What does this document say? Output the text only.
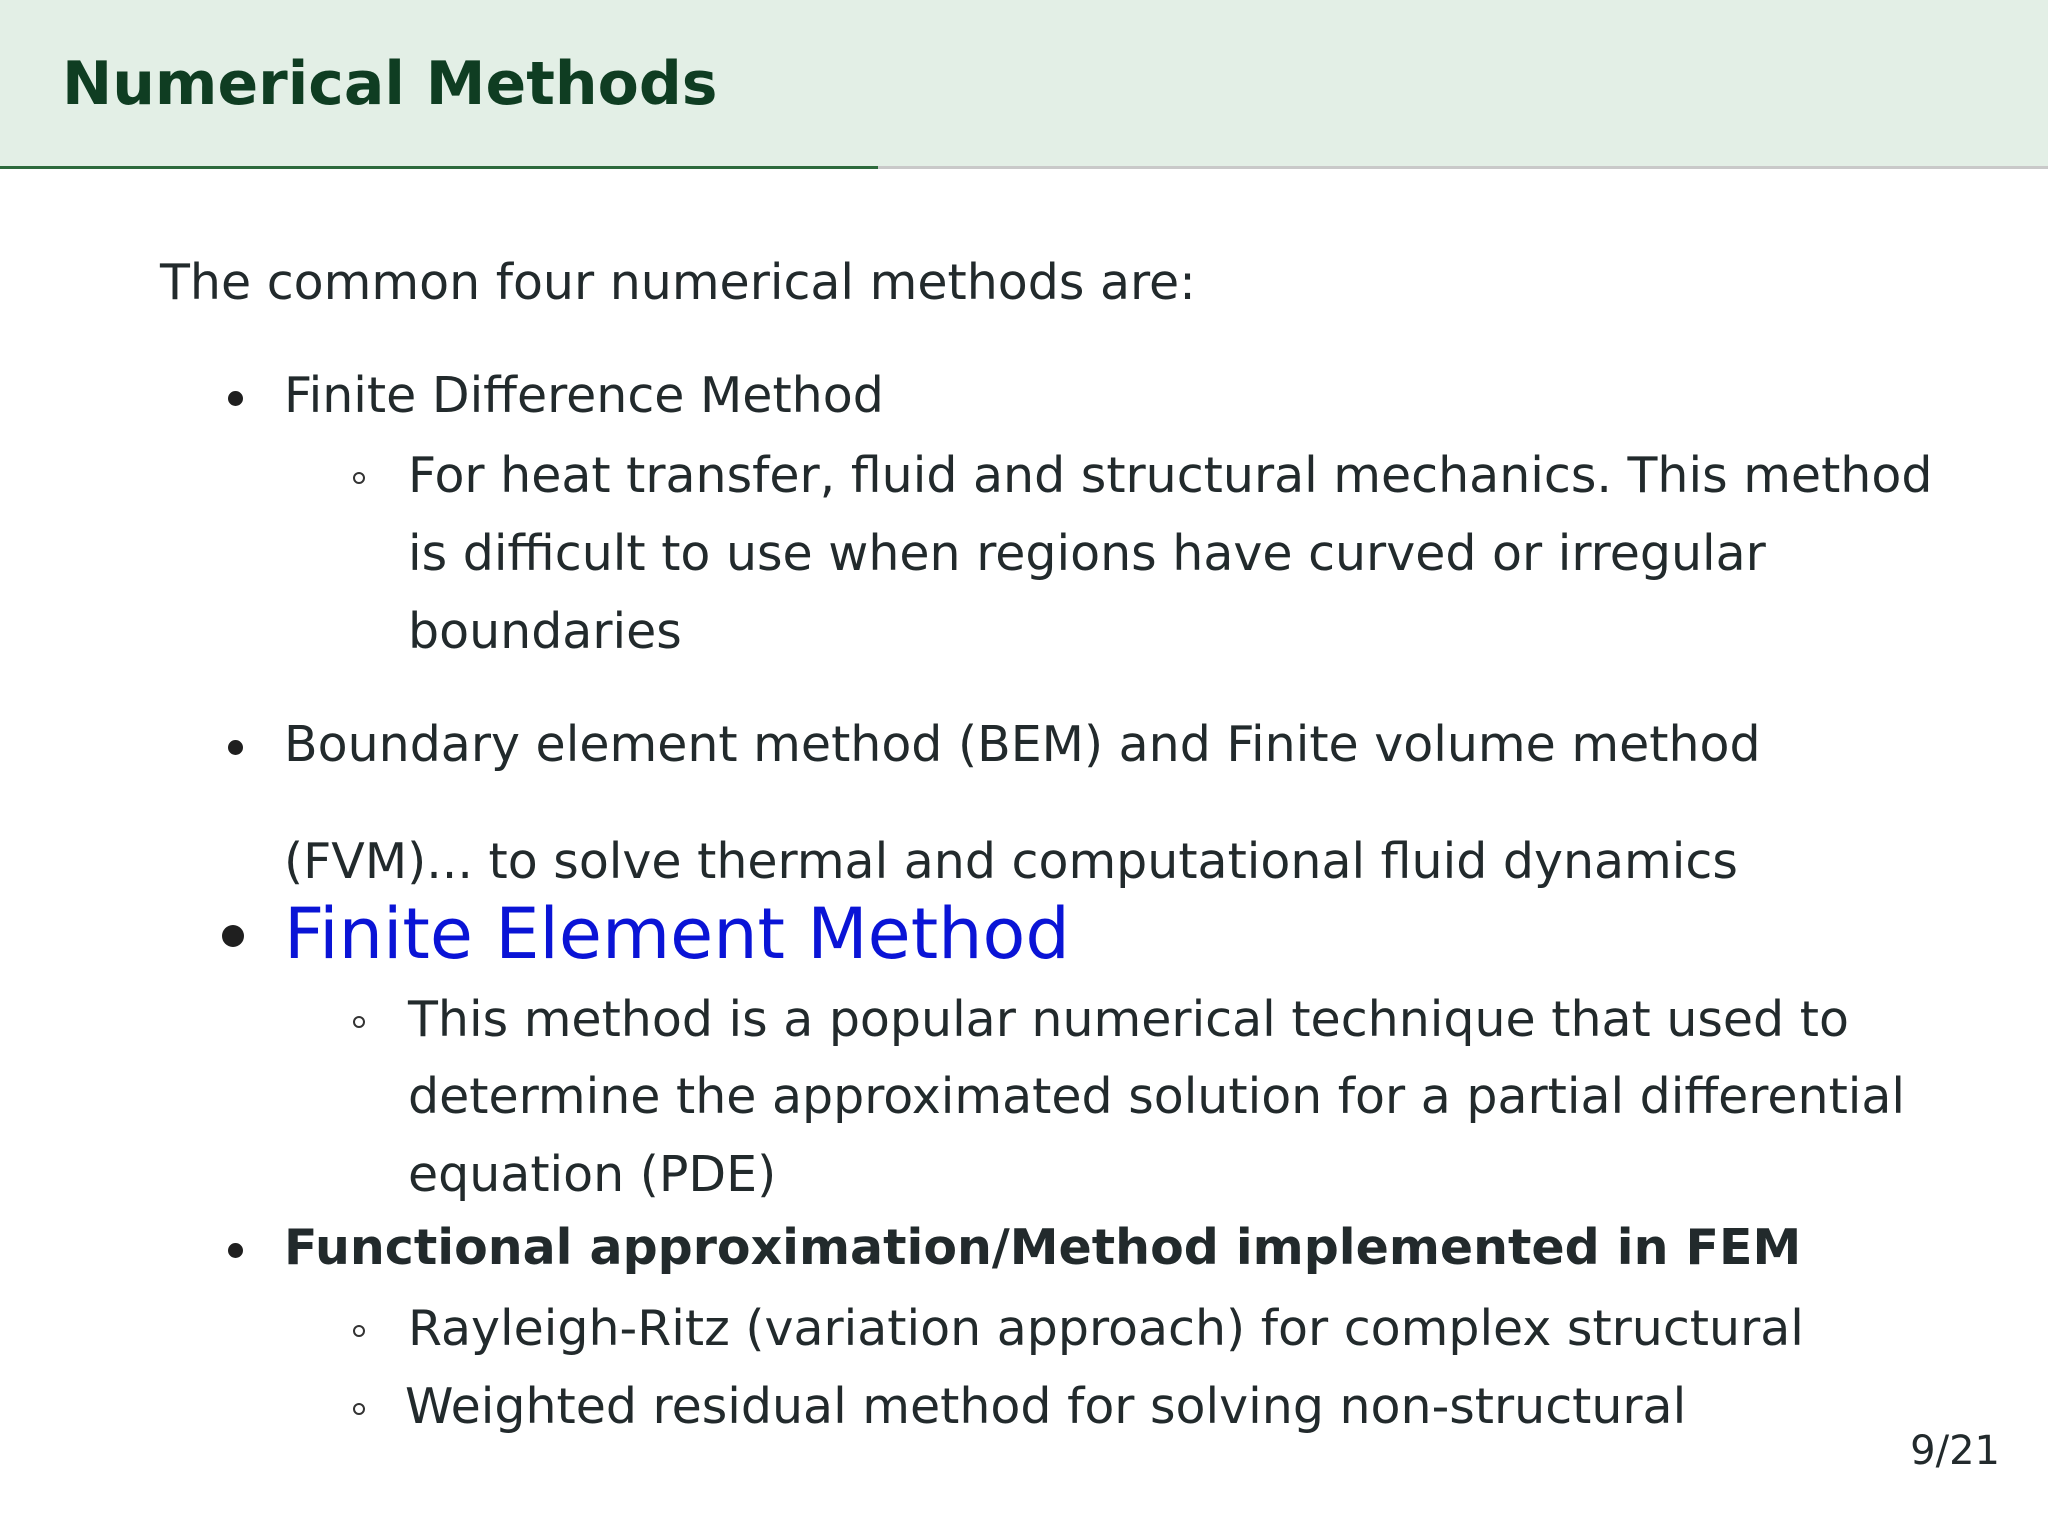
Numerical Methods
The common four numerical methods are:
Finite Difference Method
For heat transfer, fluid and structural mechanics. This method
is difficult to use when regions have curved or irregular
boundaries
Boundary element method (BEM) and Finite volume method
(FVM)... to solve thermal and computational fluid dynamics
Finite Element Method
This method is a popular numerical technique that used to
determine the approximated solution for a partial differential
equation (PDE)
Functional approximation/Method implemented in FEM
Rayleigh-Ritz (variation approach) for complex structural
Weighted residual method for solving non-structural
9/21
